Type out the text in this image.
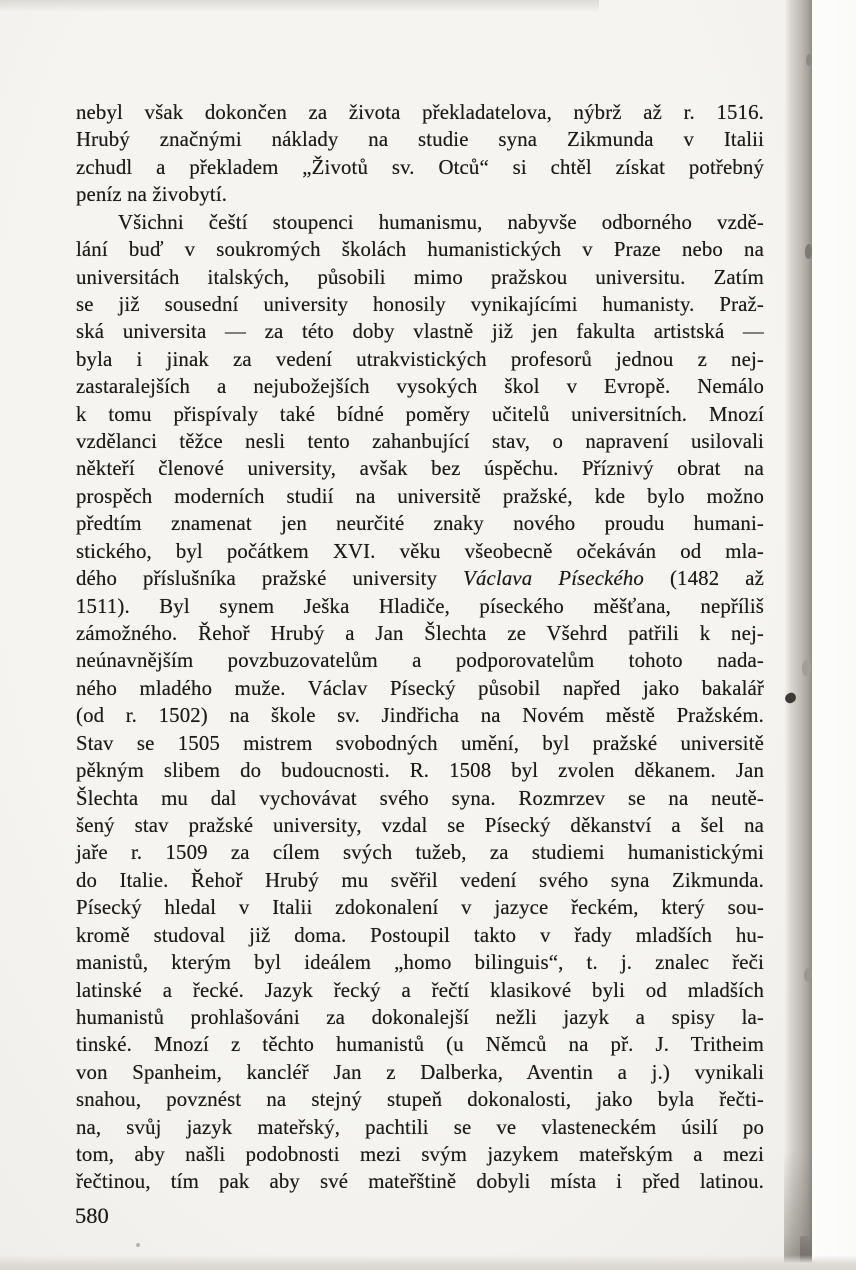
nebyl však dokončen za života překladatelova, nýbrž až r. 1516.
Hrubý značnými náklady na studie syna Zikmunda v Italii
zchudl a překladem „Životů sv. Otců“ si chtěl získat potřebný
peníz na živobytí.
Všichni čeští stoupenci humanismu, nabyvše odborného vzdě-
lání buď v soukromých školách humanistických v Praze nebo na
universitách italských, působili mimo pražskou universitu. Zatím
se již sousední university honosily vynikajícími humanisty. Praž-
ská universita — za této doby vlastně již jen fakulta artistská —
byla i jinak za vedení utrakvistických profesorů jednou z nej-
zastaralejších a nejubožejších vysokých škol v Evropě. Nemálo
k tomu přispívaly také bídné poměry učitelů universitních. Mnozí
vzdělanci těžce nesli tento zahanbující stav, o napravení usilovali
někteří členové university, avšak bez úspěchu. Příznivý obrat na
prospěch moderních studií na universitě pražské, kde bylo možno
předtím znamenat jen neurčité znaky nového proudu humani-
stického, byl počátkem XVI. věku všeobecně očekáván od mla-
dého příslušníka pražské university Václava Píseckého (1482 až
1511). Byl synem Ješka Hladiče, píseckého měšťana, nepříliš
zámožného. Řehoř Hrubý a Jan Šlechta ze Všehrd patřili k nej-
neúnavnějším povzbuzovatelům a podporovatelům tohoto nada-
ného mladého muže. Václav Písecký působil napřed jako bakalář
(od r. 1502) na škole sv. Jindřicha na Novém městě Pražském.
Stav se 1505 mistrem svobodných umění, byl pražské universitě
pěkným slibem do budoucnosti. R. 1508 byl zvolen děkanem. Jan
Šlechta mu dal vychovávat svého syna. Rozmrzev se na neutě-
šený stav pražské university, vzdal se Písecký děkanství a šel na
jaře r. 1509 za cílem svých tužeb, za studiemi humanistickými
do Italie. Řehoř Hrubý mu svěřil vedení svého syna Zikmunda.
Písecký hledal v Italii zdokonalení v jazyce řeckém, který sou-
kromě studoval již doma. Postoupil takto v řady mladších hu-
manistů, kterým byl ideálem „homo bilinguis“, t. j. znalec řeči
latinské a řecké. Jazyk řecký a řečtí klasikové byli od mladších
humanistů prohlašováni za dokonalejší nežli jazyk a spisy la-
tinské. Mnozí z těchto humanistů (u Němců na př. J. Tritheim
von Spanheim, kancléř Jan z Dalberka, Aventin a j.) vynikali
snahou, povznést na stejný stupeň dokonalosti, jako byla řečti-
na, svůj jazyk mateřský, pachtili se ve vlasteneckém úsilí po
tom, aby našli podobnosti mezi svým jazykem mateřským a mezi
řečtinou, tím pak aby své mateřštině dobyli místa i před latinou.
580
